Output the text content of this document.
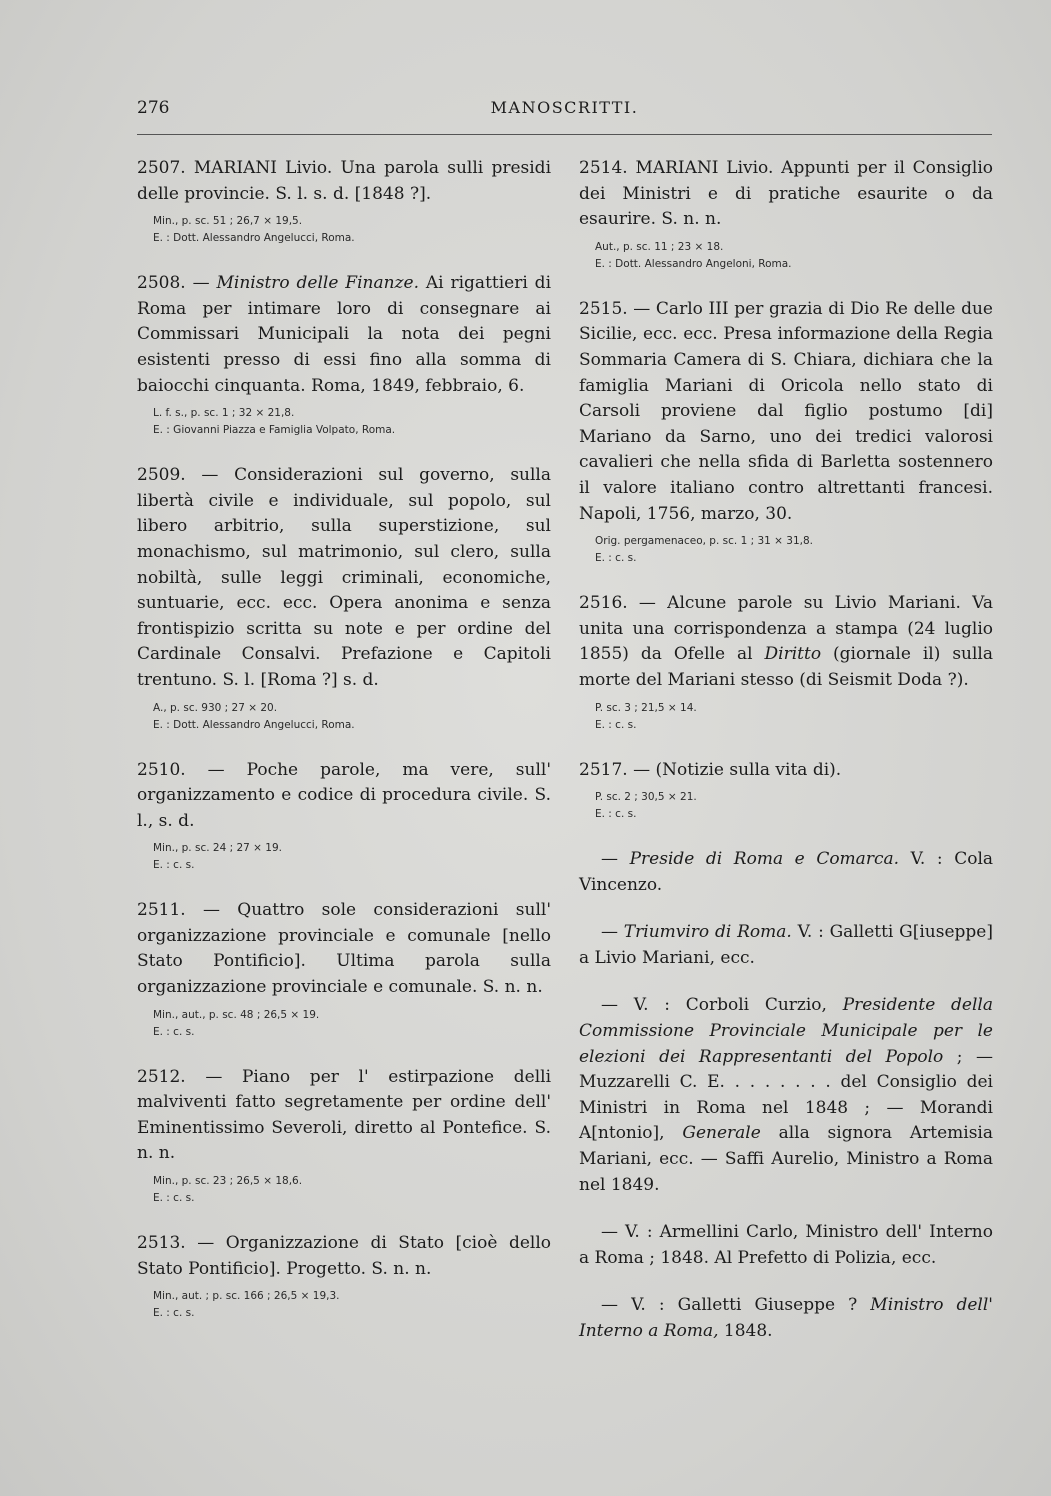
276	MANOSCRITTI.

2507. MARIANI Livio. Una parola sulli presidi delle provincie. S. l. s. d. [1848 ?].

Min., p. sc. 51 ; 26,7 × 19,5.
E. : Dott. Alessandro Angelucci, Roma.

2508. — Ministro delle Finanze. Ai rigattieri di Roma per intimare loro di consegnare ai Commissari Municipali la nota dei pegni esistenti presso di essi fino alla somma di baiocchi cinquanta. Roma, 1849, febbraio, 6.

L. f. s., p. sc. 1 ; 32 × 21,8.
E. : Giovanni Piazza e Famiglia Volpato, Roma.

2509. — Considerazioni sul governo, sulla libertà civile e individuale, sul popolo, sul libero arbitrio, sulla superstizione, sul monachismo, sul matrimonio, sul clero, sulla nobiltà, sulle leggi criminali, economiche, suntuarie, ecc. ecc. Opera anonima e senza frontispizio scritta su note e per ordine del Cardinale Consalvi. Prefazione e Capitoli trentuno. S. l. [Roma ?] s. d.

A., p. sc. 930 ; 27 × 20.
E. : Dott. Alessandro Angelucci, Roma.

2510. — Poche parole, ma vere, sull' organizzamento e codice di procedura civile. S. l., s. d.

Min., p. sc. 24 ; 27 × 19.
E. : c. s.

2511. — Quattro sole considerazioni sull' organizzazione provinciale e comunale [nello Stato Pontificio]. Ultima parola sulla organizzazione provinciale e comunale. S. n. n.

Min., aut., p. sc. 48 ; 26,5 × 19.
E. : c. s.

2512. — Piano per l' estirpazione delli malviventi fatto segretamente per ordine dell' Eminentissimo Severoli, diretto al Pontefice. S. n. n.

Min., p. sc. 23 ; 26,5 × 18,6.
E. : c. s.

2513. — Organizzazione di Stato [cioè dello Stato Pontificio]. Progetto. S. n. n.

Min., aut. ; p. sc. 166 ; 26,5 × 19,3.
E. : c. s.

2514. MARIANI Livio. Appunti per il Consiglio dei Ministri e di pratiche esaurite o da esaurire. S. n. n.

Aut., p. sc. 11 ; 23 × 18.
E. : Dott. Alessandro Angeloni, Roma.

2515. — Carlo III per grazia di Dio Re delle due Sicilie, ecc. ecc. Presa informazione della Regia Sommaria Camera di S. Chiara, dichiara che la famiglia Mariani di Oricola nello stato di Carsoli proviene dal figlio postumo [di] Mariano da Sarno, uno dei tredici valorosi cavalieri che nella sfida di Barletta sostennero il valore italiano contro altrettanti francesi. Napoli, 1756, marzo, 30.

Orig. pergamenaceo, p. sc. 1 ; 31 × 31,8.
E. : c. s.

2516. — Alcune parole su Livio Mariani. Va unita una corrispondenza a stampa (24 luglio 1855) da Ofelle al Diritto (giornale il) sulla morte del Mariani stesso (di Seismit Doda ?).

P. sc. 3 ; 21,5 × 14.
E. : c. s.

2517. — (Notizie sulla vita di).

P. sc. 2 ; 30,5 × 21.
E. : c. s.

— Preside di Roma e Comarca. V. : Cola Vincenzo.

— Triumviro di Roma. V. : Galletti G[iuseppe] a Livio Mariani, ecc.

— V. : Corboli Curzio, Presidente della Commissione Provinciale Municipale per le elezioni dei Rappresentanti del Popolo ; — Muzzarelli C. E. . . . . . . . del Consiglio dei Ministri in Roma nel 1848 ; — Morandi A[ntonio], Generale alla signora Artemisia Mariani, ecc. — Saffi Aurelio, Ministro a Roma nel 1849.

— V. : Armellini Carlo, Ministro dell' Interno a Roma ; 1848. Al Prefetto di Polizia, ecc.

— V. : Galletti Giuseppe ? Ministro dell' Interno a Roma, 1848.
